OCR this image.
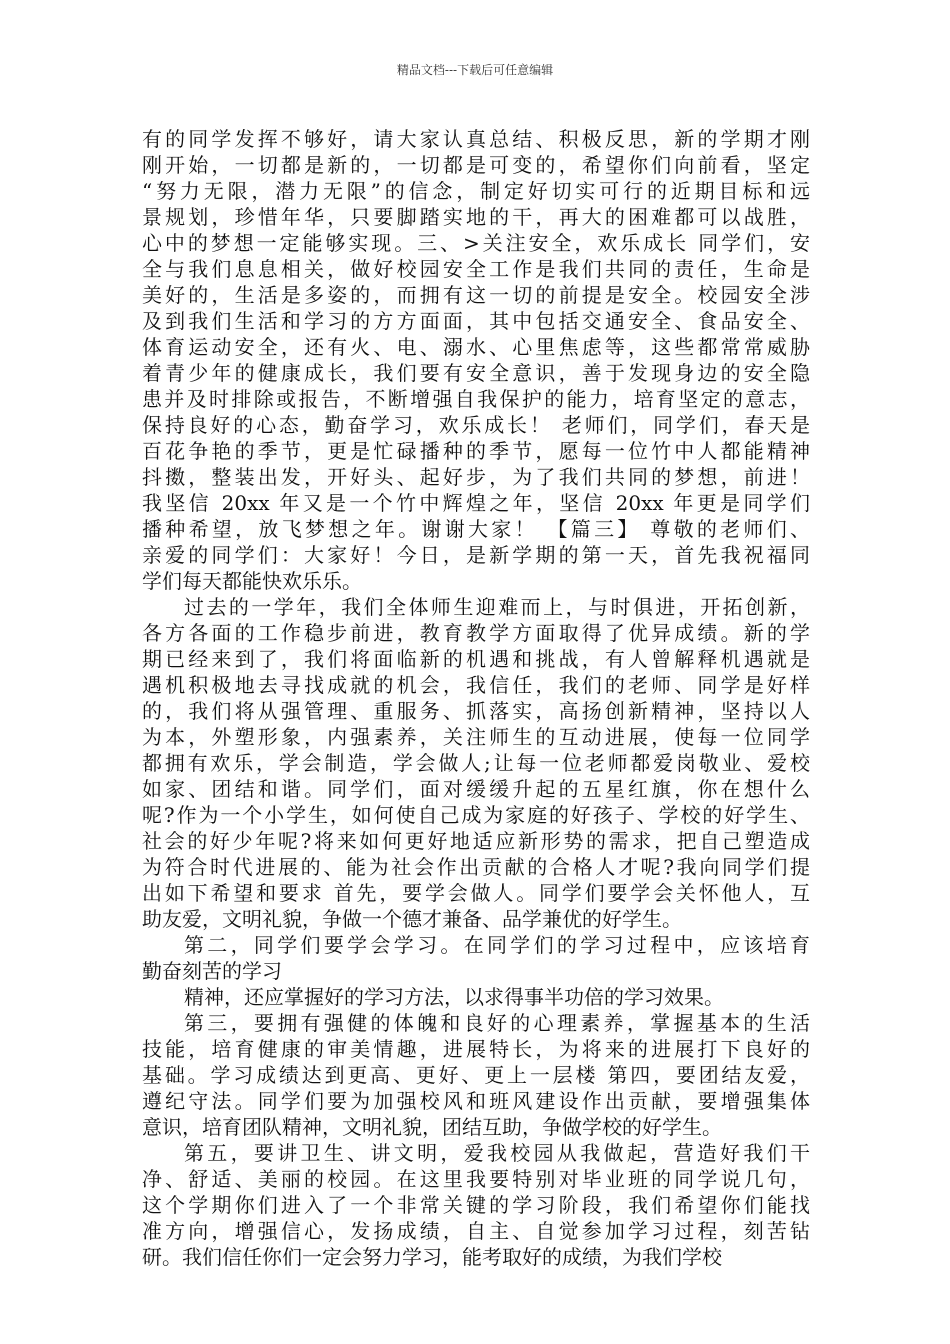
精品文档---下载后可任意编辑
有的同学发挥不够好，请大家认真总结、积极反思，新的学期才刚
刚开始，一切都是新的，一切都是可变的，希望你们向前看，坚定
“努力无限，潜力无限”的信念，制定好切实可行的近期目标和远
景规划，珍惜年华，只要脚踏实地的干，再大的困难都可以战胜，
心中的梦想一定能够实现。三、>关注安全，欢乐成长 同学们，安
全与我们息息相关，做好校园安全工作是我们共同的责任，生命是
美好的，生活是多姿的，而拥有这一切的前提是安全。校园安全涉
及到我们生活和学习的方方面面，其中包括交通安全、食品安全、
体育运动安全，还有火、电、溺水、心里焦虑等，这些都常常威胁
着青少年的健康成长，我们要有安全意识，善于发现身边的安全隐
患并及时排除或报告，不断增强自我保护的能力，培育坚定的意志，
保持良好的心态，勤奋学习，欢乐成长！ 老师们，同学们，春天是
百花争艳的季节，更是忙碌播种的季节，愿每一位竹中人都能精神
抖擞，整装出发，开好头、起好步，为了我们共同的梦想，前进！
我坚信 20xx 年又是一个竹中辉煌之年，坚信 20xx 年更是同学们
播种希望，放飞梦想之年。谢谢大家！ 【篇三】 尊敬的老师们、
亲爱的同学们：大家好！今日，是新学期的第一天，首先我祝福同
学们每天都能快欢乐乐。
过去的一学年，我们全体师生迎难而上，与时俱进，开拓创新，
各方各面的工作稳步前进，教育教学方面取得了优异成绩。新的学
期已经来到了，我们将面临新的机遇和挑战，有人曾解释机遇就是
遇机积极地去寻找成就的机会，我信任，我们的老师、同学是好样
的，我们将从强管理、重服务、抓落实，高扬创新精神，坚持以人
为本，外塑形象，内强素养，关注师生的互动进展，使每一位同学
都拥有欢乐，学会制造，学会做人;让每一位老师都爱岗敬业、爱校
如家、团结和谐。同学们，面对缓缓升起的五星红旗，你在想什么
呢?作为一个小学生，如何使自己成为家庭的好孩子、学校的好学生、
社会的好少年呢?将来如何更好地适应新形势的需求，把自己塑造成
为符合时代进展的、能为社会作出贡献的合格人才呢?我向同学们提
出如下希望和要求 首先，要学会做人。同学们要学会关怀他人，互
助友爱，文明礼貌，争做一个德才兼备、品学兼优的好学生。
第二，同学们要学会学习。在同学们的学习过程中，应该培育
勤奋刻苦的学习
精神，还应掌握好的学习方法，以求得事半功倍的学习效果。
第三，要拥有强健的体魄和良好的心理素养，掌握基本的生活
技能，培育健康的审美情趣，进展特长，为将来的进展打下良好的
基础。学习成绩达到更高、更好、更上一层楼 第四，要团结友爱，
遵纪守法。同学们要为加强校风和班风建设作出贡献，要增强集体
意识，培育团队精神，文明礼貌，团结互助，争做学校的好学生。
第五，要讲卫生、讲文明，爱我校园从我做起，营造好我们干
净、舒适、美丽的校园。在这里我要特别对毕业班的同学说几句，
这个学期你们进入了一个非常关键的学习阶段，我们希望你们能找
准方向，增强信心，发扬成绩，自主、自觉参加学习过程，刻苦钻
研。我们信任你们一定会努力学习，能考取好的成绩，为我们学校
